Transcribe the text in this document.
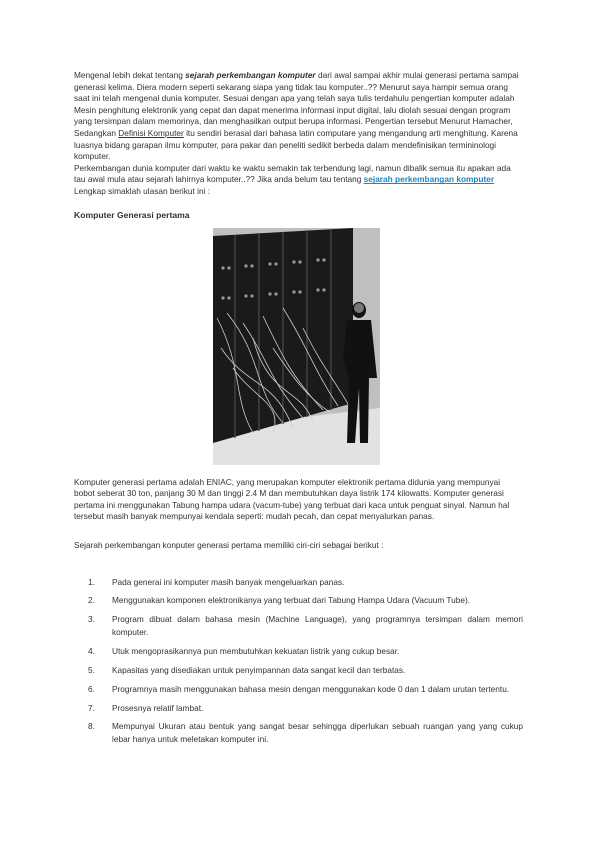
Mengenal lebih dekat tentang sejarah perkembangan komputer dari awal sampai akhir mulai generasi pertama sampai generasi kelima. Diera modern seperti sekarang siapa yang tidak tau komputer..?? Menurut saya hampir semua orang saat ini telah mengenal dunia komputer. Sesuai dengan apa yang telah saya tulis terdahulu pengertian komputer adalah Mesin penghitung elektronik yang cepat dan dapat menerima informasi input digital, lalu diolah sesuai dengan program yang tersimpan dalam memorinya, dan menghasilkan output berupa informasi. Pengertian tersebut Menurut Hamacher, Sedangkan Definisi Komputer itu sendiri berasal dari bahasa latin computare yang mengandung arti menghitung. Karena luasnya bidang garapan ilmu komputer, para pakar dan peneliti sedikit berbeda dalam mendefinisikan termininologi komputer.

Perkembangan dunia komputer dari waktu ke waktu semakin tak terbendung lagi, namun dibalik semua itu apakan ada tau awal mula atau sejarah lahirnya komputer..?? Jika anda belum tau tentang sejarah perkembangan komputer Lengkap simaklah ulasan berikut ini :

Komputer Generasi pertama

Komputer generasi pertama adalah ENIAC, yang merupakan komputer elektronik pertama didunia yang mempunyai bobot seberat 30 ton, panjang 30 M dan tinggi 2.4 M dan membutuhkan daya listrik 174 kilowatts. Komputer generasi pertama ini menggunakan Tabung hampa udara (vacum-tube) yang terbuat dari kaca untuk penguat sinyal. Namun hal tersebut masih banyak mempunyai kendala seperti: mudah pecah, dan cepat menyalurkan panas.

Sejarah perkembangan konputer generasi pertama memiliki ciri-ciri sebagai berikut :

1.	Pada generai ini komputer masih banyak mengeluarkan panas.
2.	Menggunakan komponen elektronikanya yang terbuat dari Tabung Hampa Udara (Vacuum Tube).
3.	Program dibuat dalam bahasa mesin (Machine Language), yang programnya tersimpan dalam memori komputer.
4.	Utuk mengoprasikannya pun membutuhkan kekuatan listrik yang cukup besar.
5.	Kapasitas yang disediakan untuk penyimpannan data sangat kecil dan terbatas.
6.	Programnya masih menggunakan bahasa mesin dengan menggunakan kode 0 dan 1 dalam urutan tertentu.
7.	Prosesnya relatif lambat.
8.	Mempunyai Ukuran atau bentuk yang sangat besar sehingga diperlukan sebuah ruangan yang yang cukup lebar hanya untuk meletakan komputer ini.
